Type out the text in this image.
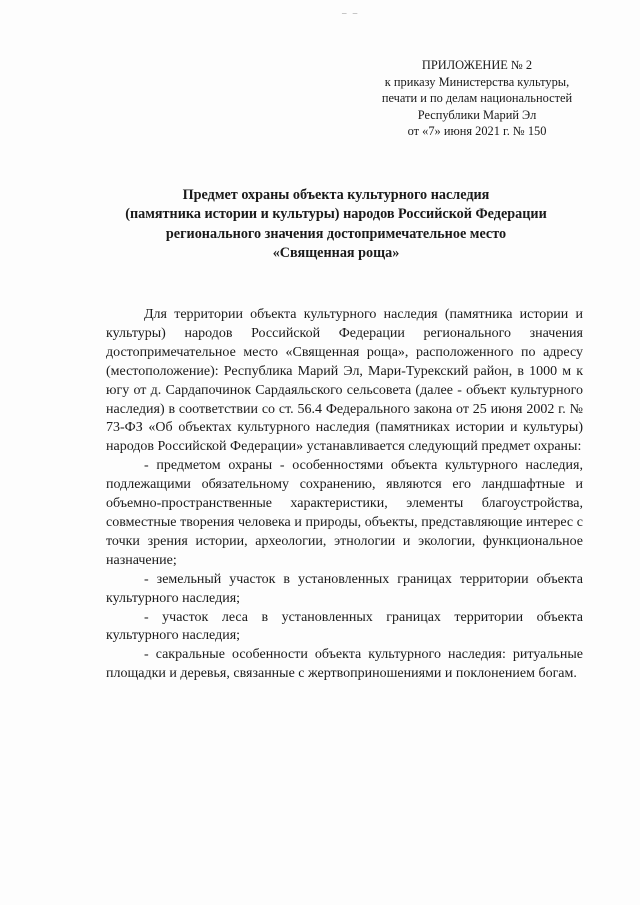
– –
ПРИЛОЖЕНИЕ № 2
к приказу Министерства культуры,
печати и по делам национальностей
Республики Марий Эл
от «7» июня 2021 г. № 150
Предмет охраны объекта культурного наследия
(памятника истории и культуры) народов Российской Федерации
регионального значения достопримечательное место
«Священная роща»

Для территории объекта культурного наследия (памятника истории и культуры) народов Российской Федерации регионального значения достопримечательное место «Священная роща», расположенного по адресу (местоположение): Республика Марий Эл, Мари-Турекский район, в 1000 м к югу от д. Сардапочинок Сардаяльского сельсовета (далее - объект культурного наследия) в соответствии со ст. 56.4 Федерального закона от 25 июня 2002 г. № 73-ФЗ «Об объектах культурного наследия (памятниках истории и культуры) народов Российской Федерации» устанавливается следующий предмет охраны:

- предметом охраны - особенностями объекта культурного наследия, подлежащими обязательному сохранению, являются его ландшафтные и объемно-пространственные характеристики, элементы благоустройства, совместные творения человека и природы, объекты, представляющие интерес с точки зрения истории, археологии, этнологии и экологии, функциональное назначение;

- земельный участок в установленных границах территории объекта культурного наследия;

- участок леса в установленных границах территории объекта культурного наследия;

- сакральные особенности объекта культурного наследия: ритуальные площадки и деревья, связанные с жертвоприношениями и поклонением богам.
